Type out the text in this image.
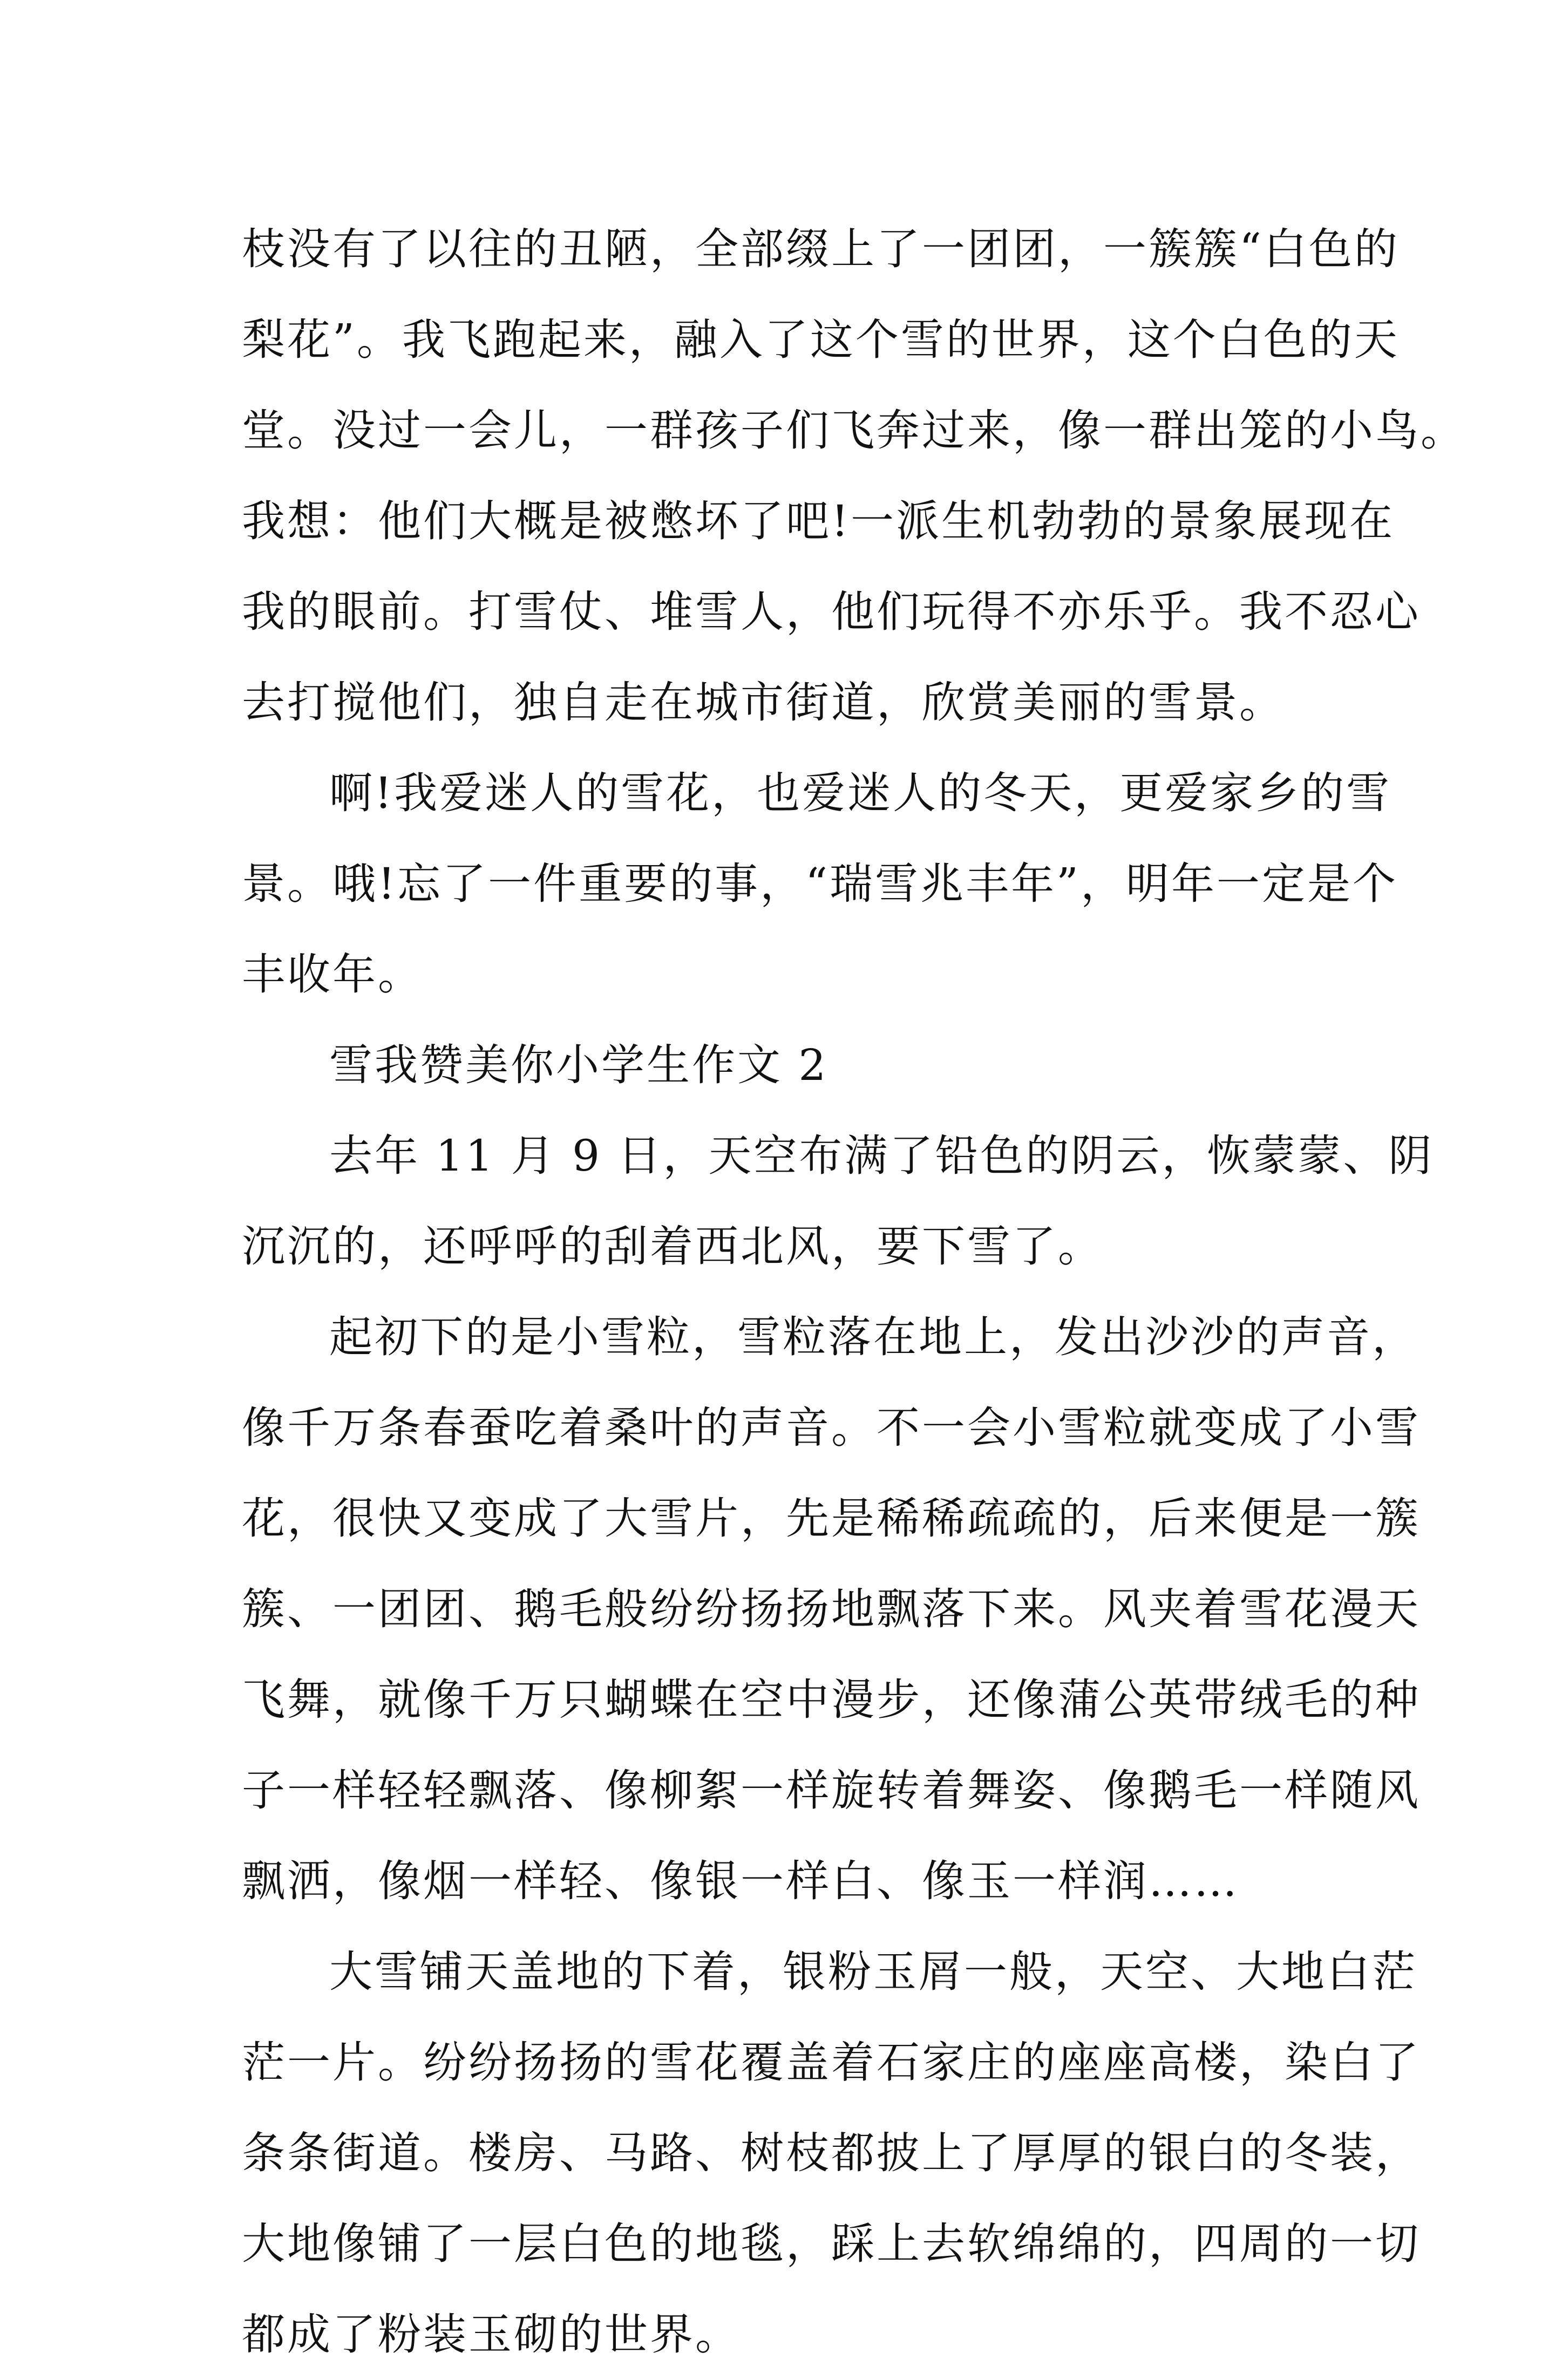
枝没有了以往的丑陋，全部缀上了一团团，一簇簇“白色的
梨花”。我飞跑起来，融入了这个雪的世界，这个白色的天
堂。没过一会儿，一群孩子们飞奔过来，像一群出笼的小鸟。
我想：他们大概是被憋坏了吧!一派生机勃勃的景象展现在
我的眼前。打雪仗、堆雪人，他们玩得不亦乐乎。我不忍心
去打搅他们，独自走在城市街道，欣赏美丽的雪景。
啊!我爱迷人的雪花，也爱迷人的冬天，更爱家乡的雪
景。哦!忘了一件重要的事，“瑞雪兆丰年”，明年一定是个
丰收年。
雪我赞美你小学生作文 2
去年 11 月 9 日，天空布满了铅色的阴云，恢蒙蒙、阴
沉沉的，还呼呼的刮着西北风，要下雪了。
起初下的是小雪粒，雪粒落在地上，发出沙沙的声音，
像千万条春蚕吃着桑叶的声音。不一会小雪粒就变成了小雪
花，很快又变成了大雪片，先是稀稀疏疏的，后来便是一簇
簇、一团团、鹅毛般纷纷扬扬地飘落下来。风夹着雪花漫天
飞舞，就像千万只蝴蝶在空中漫步，还像蒲公英带绒毛的种
子一样轻轻飘落、像柳絮一样旋转着舞姿、像鹅毛一样随风
飘洒，像烟一样轻、像银一样白、像玉一样润……
大雪铺天盖地的下着，银粉玉屑一般，天空、大地白茫
茫一片。纷纷扬扬的雪花覆盖着石家庄的座座高楼，染白了
条条街道。楼房、马路、树枝都披上了厚厚的银白的冬装，
大地像铺了一层白色的地毯，踩上去软绵绵的，四周的一切
都成了粉装玉砌的世界。
